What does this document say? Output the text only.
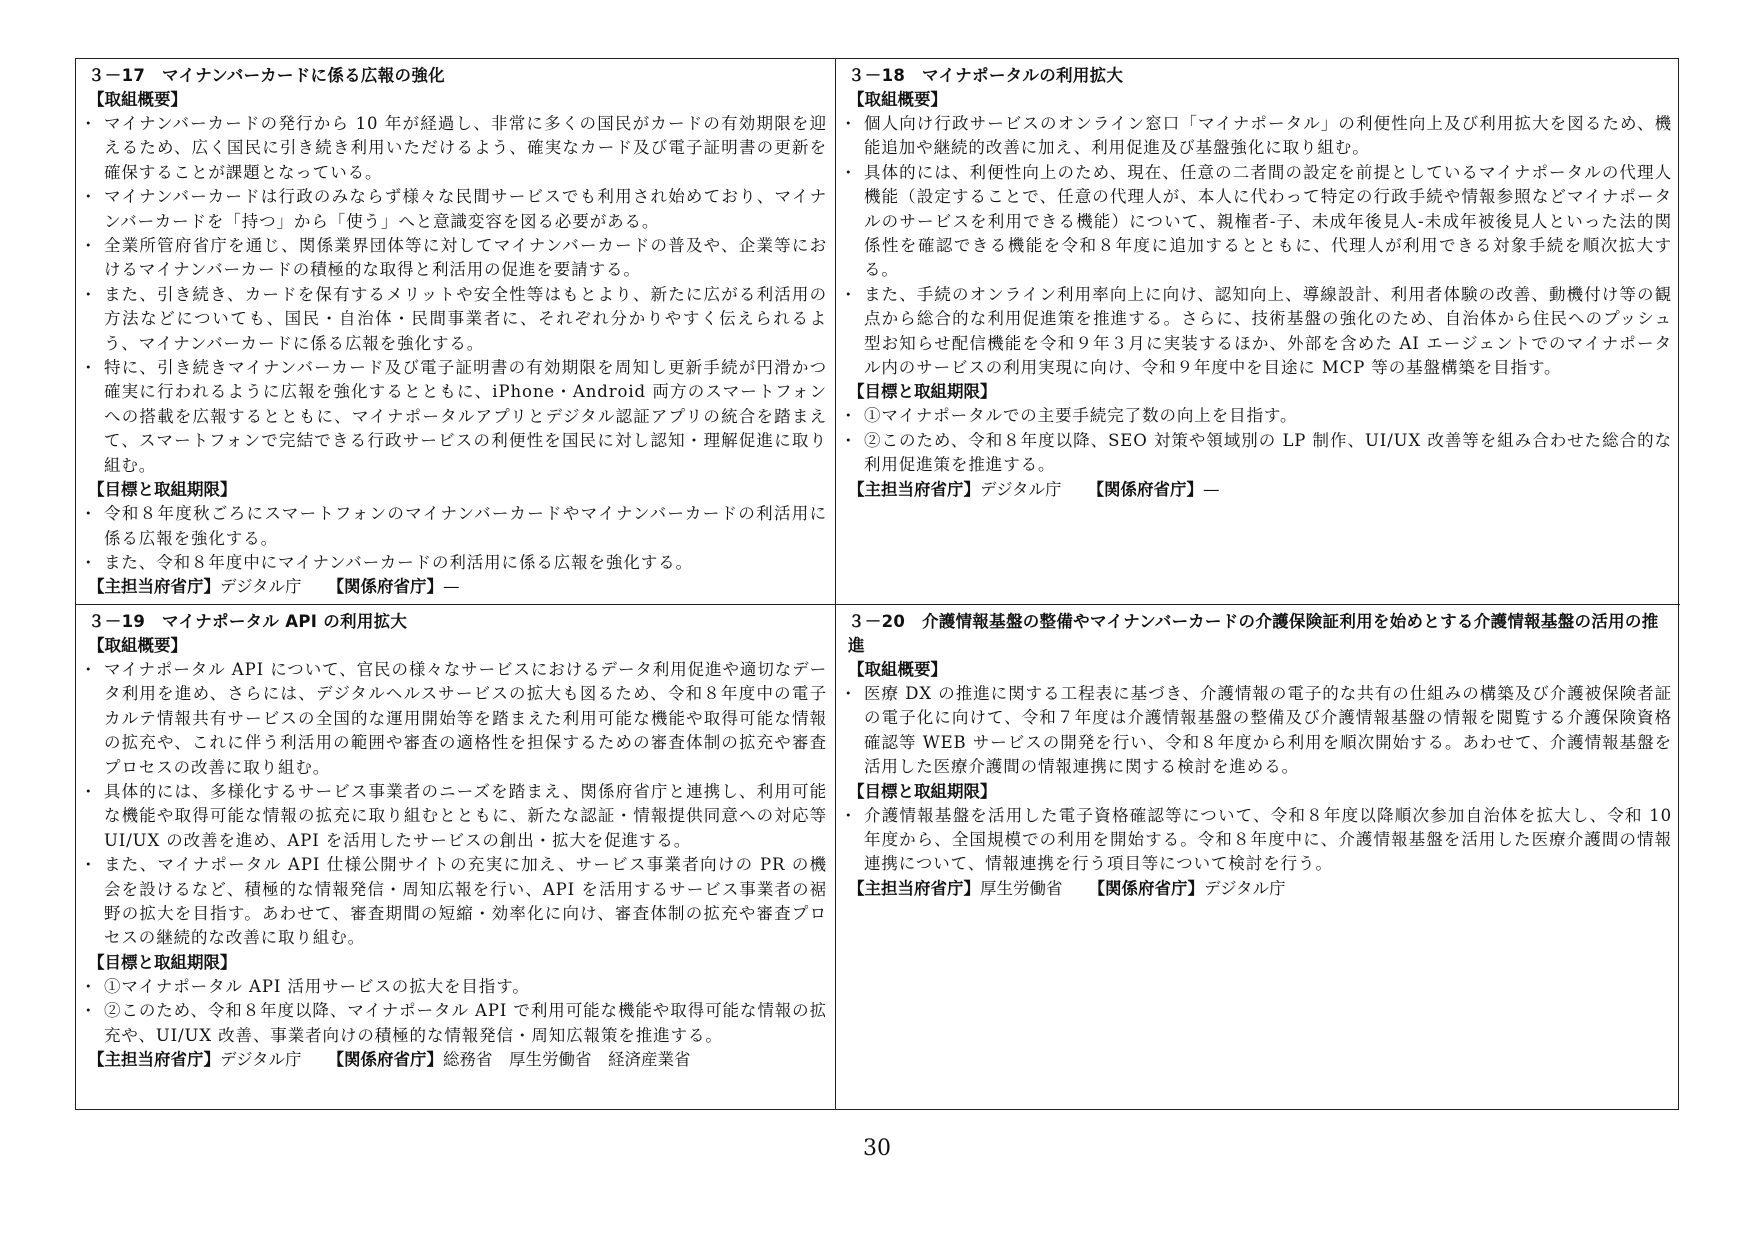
３－17　マイナンバーカードに係る広報の強化
【取組概要】
・ マイナンバーカードの発行から 10 年が経過し、非常に多くの国民がカードの有効期限を迎えるため、広く国民に引き続き利用いただけるよう、確実なカード及び電子証明書の更新を確保することが課題となっている。
・ マイナンバーカードは行政のみならず様々な民間サービスでも利用され始めており、マイナンバーカードを「持つ」から「使う」へと意識変容を図る必要がある。
・ 全業所管府省庁を通じ、関係業界団体等に対してマイナンバーカードの普及や、企業等におけるマイナンバーカードの積極的な取得と利活用の促進を要請する。
・ また、引き続き、カードを保有するメリットや安全性等はもとより、新たに広がる利活用の方法などについても、国民・自治体・民間事業者に、それぞれ分かりやすく伝えられるよう、マイナンバーカードに係る広報を強化する。
・ 特に、引き続きマイナンバーカード及び電子証明書の有効期限を周知し更新手続が円滑かつ確実に行われるように広報を強化するとともに、iPhone・Android 両方のスマートフォンへの搭載を広報するとともに、マイナポータルアプリとデジタル認証アプリの統合を踏まえて、スマートフォンで完結できる行政サービスの利便性を国民に対し認知・理解促進に取り組む。
【目標と取組期限】
・ 令和８年度秋ごろにスマートフォンのマイナンバーカードやマイナンバーカードの利活用に係る広報を強化する。
・ また、令和８年度中にマイナンバーカードの利活用に係る広報を強化する。
【主担当府省庁】デジタル庁 【関係府省庁】—
３－18　マイナポータルの利用拡大
【取組概要】
・ 個人向け行政サービスのオンライン窓口「マイナポータル」の利便性向上及び利用拡大を図るため、機能追加や継続的改善に加え、利用促進及び基盤強化に取り組む。
・ 具体的には、利便性向上のため、現在、任意の二者間の設定を前提としているマイナポータルの代理人機能（設定することで、任意の代理人が、本人に代わって特定の行政手続や情報参照などマイナポータルのサービスを利用できる機能）について、親権者-子、未成年後見人-未成年被後見人といった法的関係性を確認できる機能を令和８年度に追加するとともに、代理人が利用できる対象手続を順次拡大する。
・ また、手続のオンライン利用率向上に向け、認知向上、導線設計、利用者体験の改善、動機付け等の観点から総合的な利用促進策を推進する。さらに、技術基盤の強化のため、自治体から住民へのプッシュ型お知らせ配信機能を令和９年３月に実装するほか、外部を含めた AI エージェントでのマイナポータル内のサービスの利用実現に向け、令和９年度中を目途に MCP 等の基盤構築を目指す。
【目標と取組期限】
・ ①マイナポータルでの主要手続完了数の向上を目指す。
・ ②このため、令和８年度以降、SEO 対策や領域別の LP 制作、UI/UX 改善等を組み合わせた総合的な利用促進策を推進する。
【主担当府省庁】デジタル庁 【関係府省庁】—
３－19　マイナポータル API の利用拡大
【取組概要】
・ マイナポータル API について、官民の様々なサービスにおけるデータ利用促進や適切なデータ利用を進め、さらには、デジタルヘルスサービスの拡大も図るため、令和８年度中の電子カルテ情報共有サービスの全国的な運用開始等を踏まえた利用可能な機能や取得可能な情報の拡充や、これに伴う利活用の範囲や審査の適格性を担保するための審査体制の拡充や審査プロセスの改善に取り組む。
・ 具体的には、多様化するサービス事業者のニーズを踏まえ、関係府省庁と連携し、利用可能な機能や取得可能な情報の拡充に取り組むとともに、新たな認証・情報提供同意への対応等 UI/UX の改善を進め、API を活用したサービスの創出・拡大を促進する。
・ また、マイナポータル API 仕様公開サイトの充実に加え、サービス事業者向けの PR の機会を設けるなど、積極的な情報発信・周知広報を行い、API を活用するサービス事業者の裾野の拡大を目指す。あわせて、審査期間の短縮・効率化に向け、審査体制の拡充や審査プロセスの継続的な改善に取り組む。
【目標と取組期限】
・ ①マイナポータル API 活用サービスの拡大を目指す。
・ ②このため、令和８年度以降、マイナポータル API で利用可能な機能や取得可能な情報の拡充や、UI/UX 改善、事業者向けの積極的な情報発信・周知広報策を推進する。
【主担当府省庁】デジタル庁 【関係府省庁】総務省　厚生労働省　経済産業省
３－20　介護情報基盤の整備やマイナンバーカードの介護保険証利用を始めとする介護情報基盤の活用の推進
【取組概要】
・ 医療 DX の推進に関する工程表に基づき、介護情報の電子的な共有の仕組みの構築及び介護被保険者証の電子化に向けて、令和７年度は介護情報基盤の整備及び介護情報基盤の情報を閲覧する介護保険資格確認等 WEB サービスの開発を行い、令和８年度から利用を順次開始する。あわせて、介護情報基盤を活用した医療介護間の情報連携に関する検討を進める。
【目標と取組期限】
・ 介護情報基盤を活用した電子資格確認等について、令和８年度以降順次参加自治体を拡大し、令和 10 年度から、全国規模での利用を開始する。令和８年度中に、介護情報基盤を活用した医療介護間の情報連携について、情報連携を行う項目等について検討を行う。
【主担当府省庁】厚生労働省 【関係府省庁】デジタル庁
30
